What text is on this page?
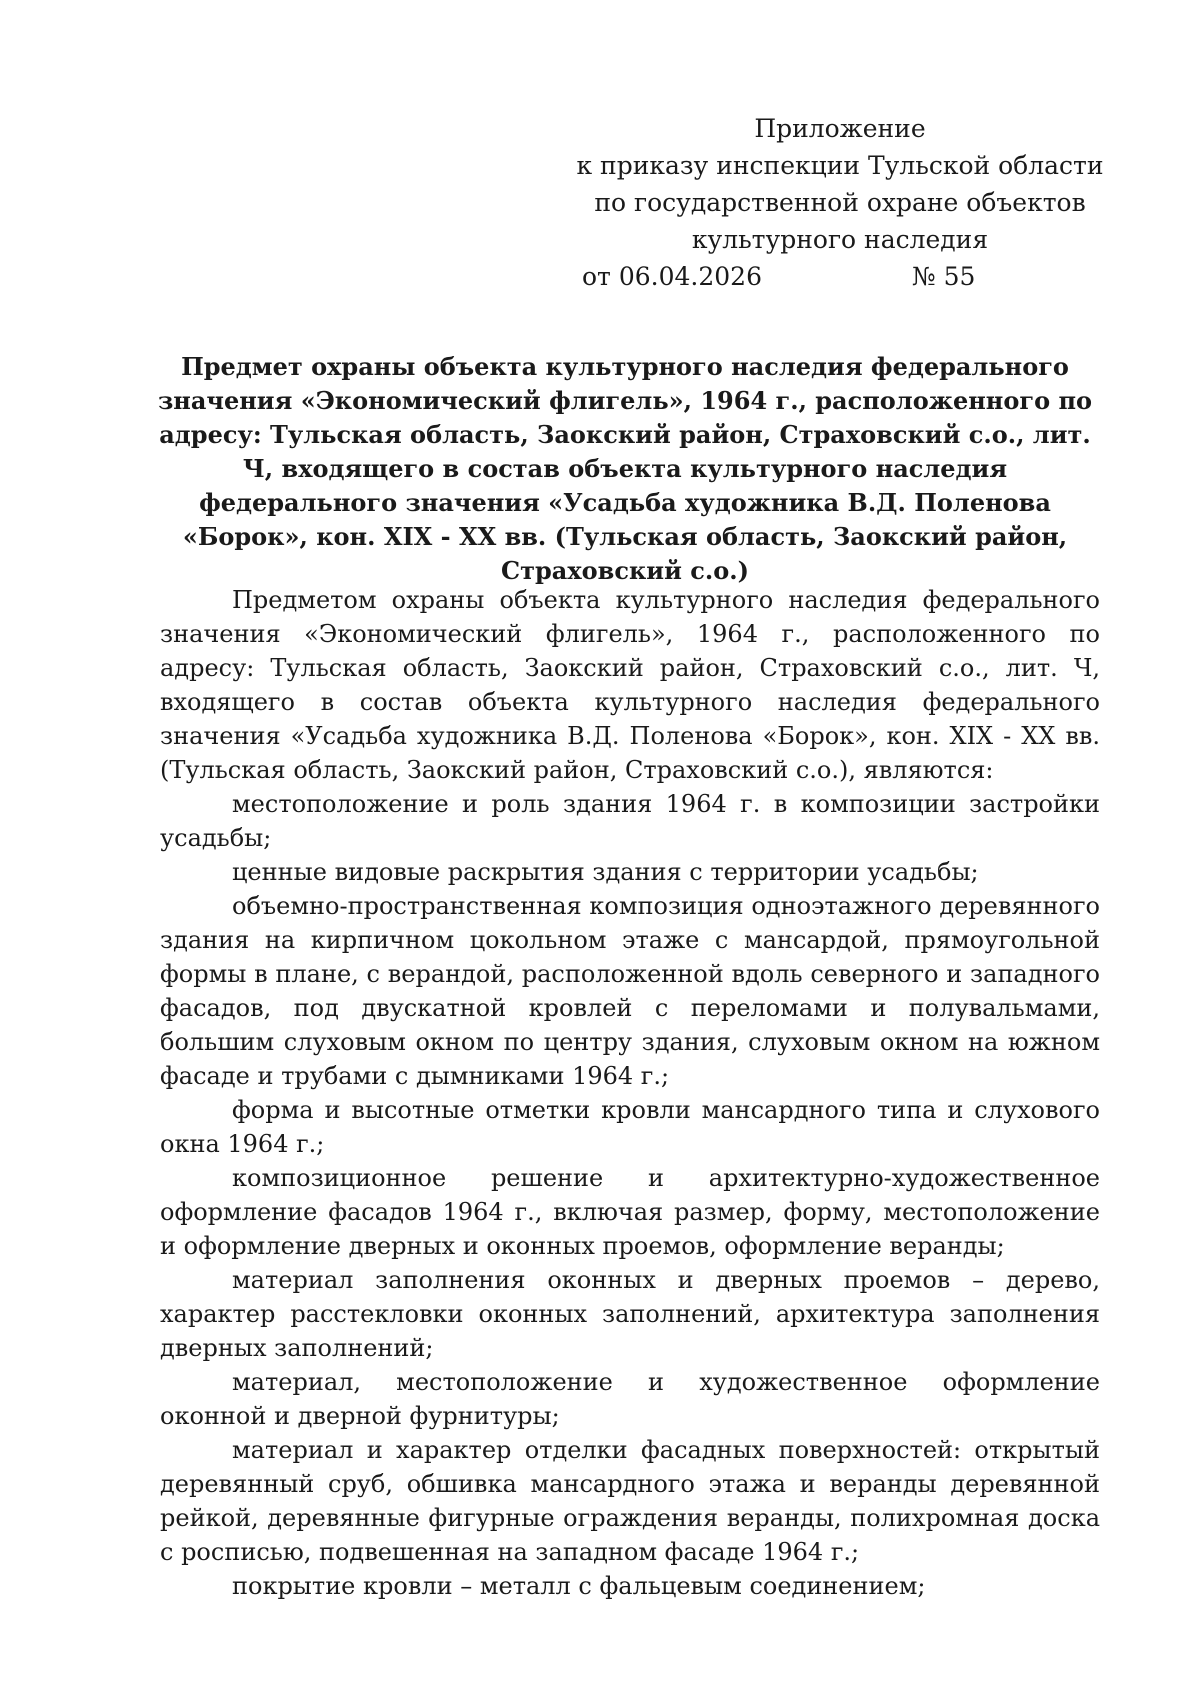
Приложение
к приказу инспекции Тульской области
по государственной охране объектов
культурного наследия
от 06.04.2026	№ 55
Предмет охраны объекта культурного наследия федерального значения «Экономический флигель», 1964 г., расположенного по адресу: Тульская область, Заокский район, Страховский с.о., лит. Ч, входящего в состав объекта культурного наследия федерального значения «Усадьба художника В.Д. Поленова «Борок», кон. XIX - XX вв. (Тульская область, Заокский район, Страховский с.о.)

Предметом охраны объекта культурного наследия федерального значения «Экономический флигель», 1964 г., расположенного по адресу: Тульская область, Заокский район, Страховский с.о., лит. Ч, входящего в состав объекта культурного наследия федерального значения «Усадьба художника В.Д. Поленова «Борок», кон. XIX - XX вв. (Тульская область, Заокский район, Страховский с.о.), являются:

местоположение и роль здания 1964 г. в композиции застройки усадьбы;

ценные видовые раскрытия здания с территории усадьбы;

объемно-пространственная композиция одноэтажного деревянного здания на кирпичном цокольном этаже с мансардой, прямоугольной формы в плане, с верандой, расположенной вдоль северного и западного фасадов, под двускатной кровлей с переломами и полувальмами, большим слуховым окном по центру здания, слуховым окном на южном фасаде и трубами с дымниками 1964 г.;

форма и высотные отметки кровли мансардного типа и слухового окна 1964 г.;

композиционное решение и архитектурно-художественное оформление фасадов 1964 г., включая размер, форму, местоположение и оформление дверных и оконных проемов, оформление веранды;

материал заполнения оконных и дверных проемов – дерево, характер расстекловки оконных заполнений, архитектура заполнения дверных заполнений;

материал, местоположение и художественное оформление оконной и дверной фурнитуры;

материал и характер отделки фасадных поверхностей: открытый деревянный сруб, обшивка мансардного этажа и веранды деревянной рейкой, деревянные фигурные ограждения веранды, полихромная доска с росписью, подвешенная на западном фасаде 1964 г.;

покрытие кровли – металл с фальцевым соединением;
